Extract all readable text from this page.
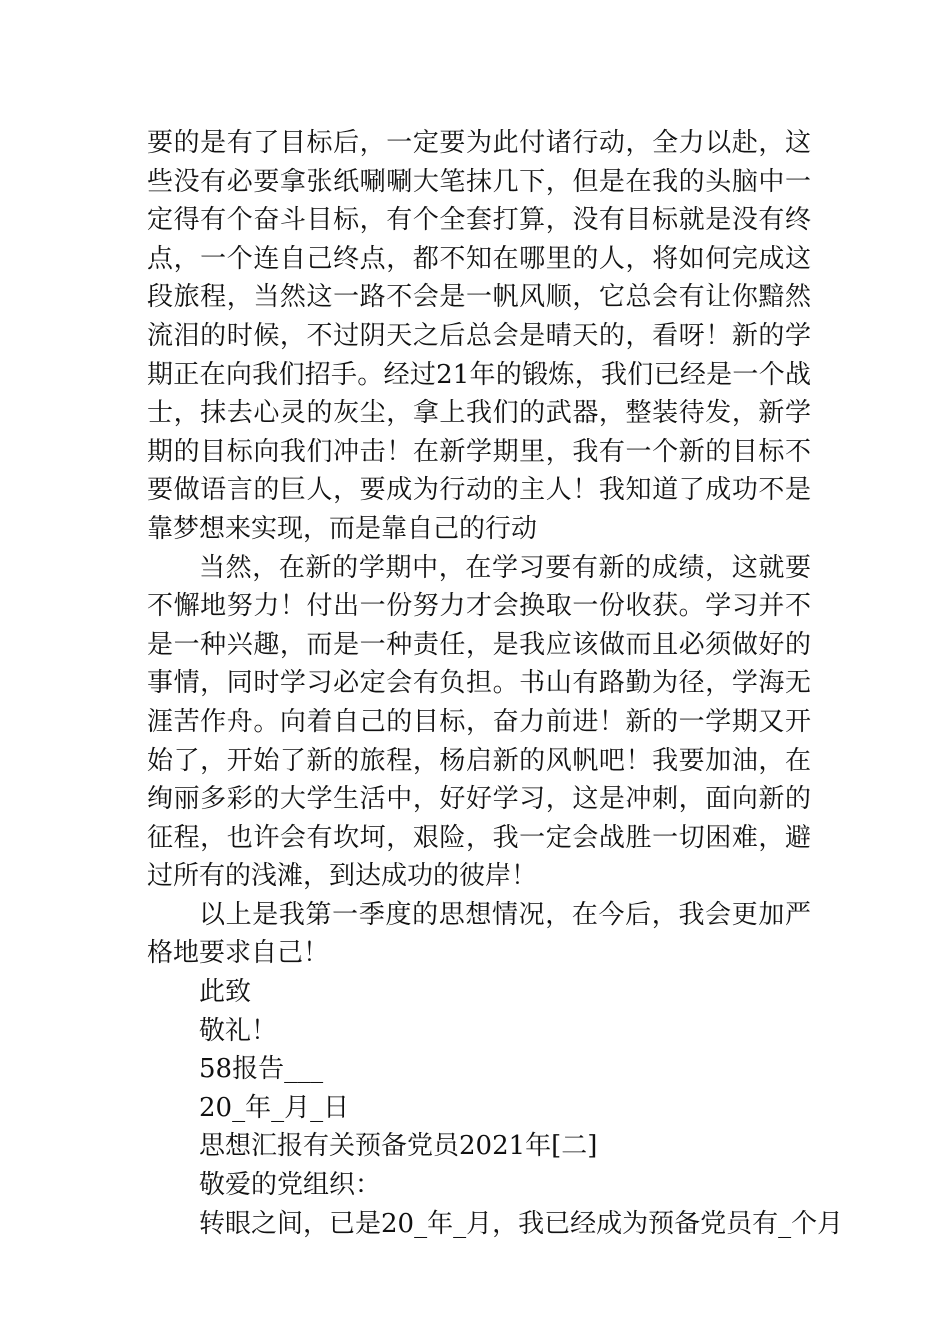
要的是有了目标后，一定要为此付诸行动，全力以赴，这些没有必要拿张纸唰唰大笔抹几下，但是在我的头脑中一定得有个奋斗目标，有个全套打算，没有目标就是没有终点，一个连自己终点，都不知在哪里的人，将如何完成这段旅程，当然这一路不会是一帆风顺，它总会有让你黯然流泪的时候，不过阴天之后总会是晴天的，看呀！新的学期正在向我们招手。经过21年的锻炼，我们已经是一个战士，抹去心灵的灰尘，拿上我们的武器，整装待发，新学期的目标向我们冲击！在新学期里，我有一个新的目标不要做语言的巨人，要成为行动的主人！我知道了成功不是靠梦想来实现，而是靠自己的行动

当然，在新的学期中，在学习要有新的成绩，这就要不懈地努力！付出一份努力才会换取一份收获。学习并不是一种兴趣，而是一种责任，是我应该做而且必须做好的事情，同时学习必定会有负担。书山有路勤为径，学海无涯苦作舟。向着自己的目标，奋力前进！新的一学期又开始了，开始了新的旅程，杨启新的风帆吧！我要加油，在绚丽多彩的大学生活中，好好学习，这是冲刺，面向新的征程，也许会有坎坷，艰险，我一定会战胜一切困难，避过所有的浅滩，到达成功的彼岸！

以上是我第一季度的思想情况，在今后，我会更加严格地要求自己！

此致

敬礼！

58报告___

20_年_月_日

思想汇报有关预备党员2021年[二]

敬爱的党组织：

转眼之间，已是20_年_月，我已经成为预备党员有_个月
